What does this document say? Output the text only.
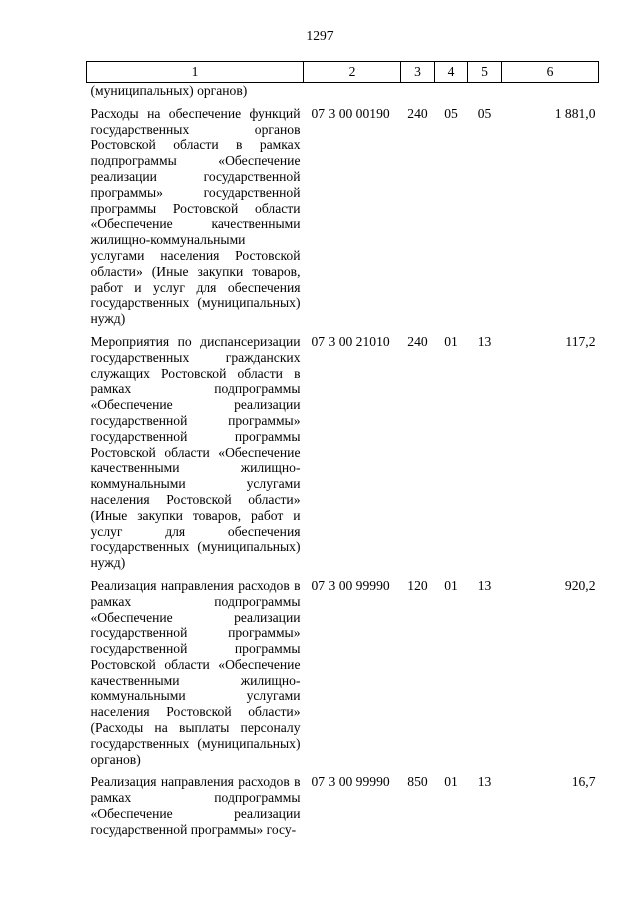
1297
1	2	3	4	5	6
(муниципальных) органов)					

Расходы на обеспечение функций государственных органов Ростовской области в рамках подпрограммы «Обеспечение реализации государственной программы» государственной программы Ростовской области «Обеспечение качественными жилищно-коммунальными услугами населения Ростовской области» (Иные закупки товаров, работ и услуг для обеспечения государственных (муниципальных) нужд)	07 3 00 00190	240	05	05	1 881,0

Мероприятия по диспансеризации государственных гражданских служащих Ростовской области в рамках подпрограммы «Обеспечение реализации государственной программы» государственной программы Ростовской области «Обеспечение качественными жилищно-коммунальными услугами населения Ростовской области» (Иные закупки товаров, работ и услуг для обеспечения государственных (муниципальных) нужд)	07 3 00 21010	240	01	13	117,2

Реализация направления расходов в рамках подпрограммы «Обеспечение реализации государственной программы» государственной программы Ростовской области «Обеспечение качественными жилищно-коммунальными услугами населения Ростовской области» (Расходы на выплаты персоналу государственных (муниципальных) органов)	07 3 00 99990	120	01	13	920,2

Реализация направления расходов в рамках подпрограммы «Обеспечение реализации государственной программы» госу-	07 3 00 99990	850	01	13	16,7
